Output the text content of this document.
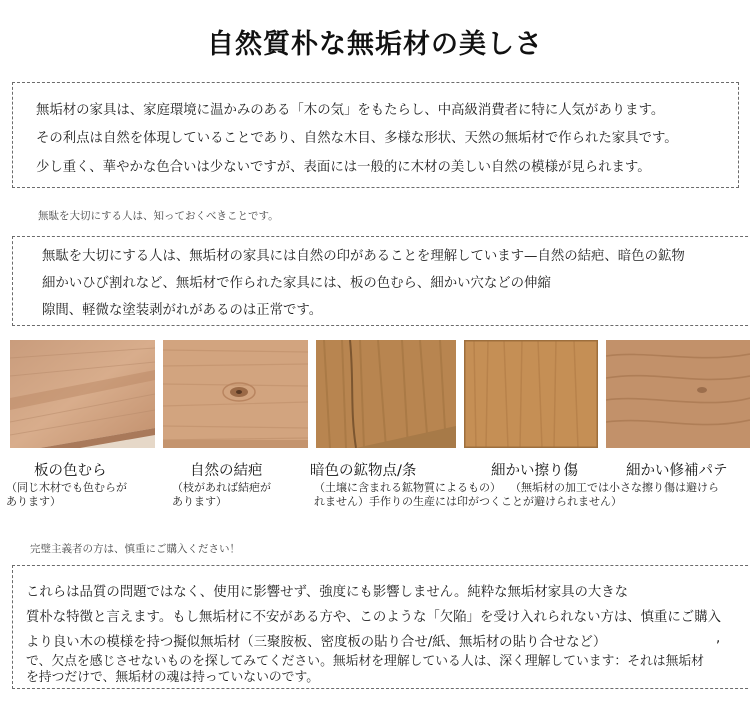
自然質朴な無垢材の美しさ
無垢材の家具は、家庭環境に温かみのある「木の気」をもたらし、中高級消費者に特に人気があります。
その利点は自然を体現していることであり、自然な木目、多様な形状、天然の無垢材で作られた家具です。
少し重く、華やかな色合いは少ないですが、表面には一般的に木材の美しい自然の模様が見られます。
無駄を大切にする人は、知っておくべきことです。
無駄を大切にする人は、無垢材の家具には自然の印があることを理解しています—自然の結疤、暗色の鉱物
細かいひび割れなど、無垢材で作られた家具には、板の色むら、細かい穴などの伸縮
隙間、軽微な塗装剥がれがあるのは正常です。
板の色むら
（同じ木材でも色むらが
あります）
自然の結疤
（枝があれば結疤が
あります）
暗色の鉱物点/条
（土壌に含まれる鉱物質によるもの）
れません）手作りの生産には印がつくことが避けられません）
細かい擦り傷
（無垢材の加工では小さな擦り傷は避けら
細かい修補パテ
完璧主義者の方は、慎重にご購入ください！
これらは品質の問題ではなく、使用に影響せず、強度にも影響しません。純粋な無垢材家具の大きな
質朴な特徴と言えます。もし無垢材に不安がある方や、このような「欠陥」を受け入れられない方は、慎重にご購入
より良い木の模様を持つ擬似無垢材（三聚胺板、密度板の貼り合せ/紙、無垢材の貼り合せなど）	,
で、欠点を感じさせないものを探してみてください。無垢材を理解している人は、深く理解しています：それは無垢材
を持つだけで、無垢材の魂は持っていないのです。
